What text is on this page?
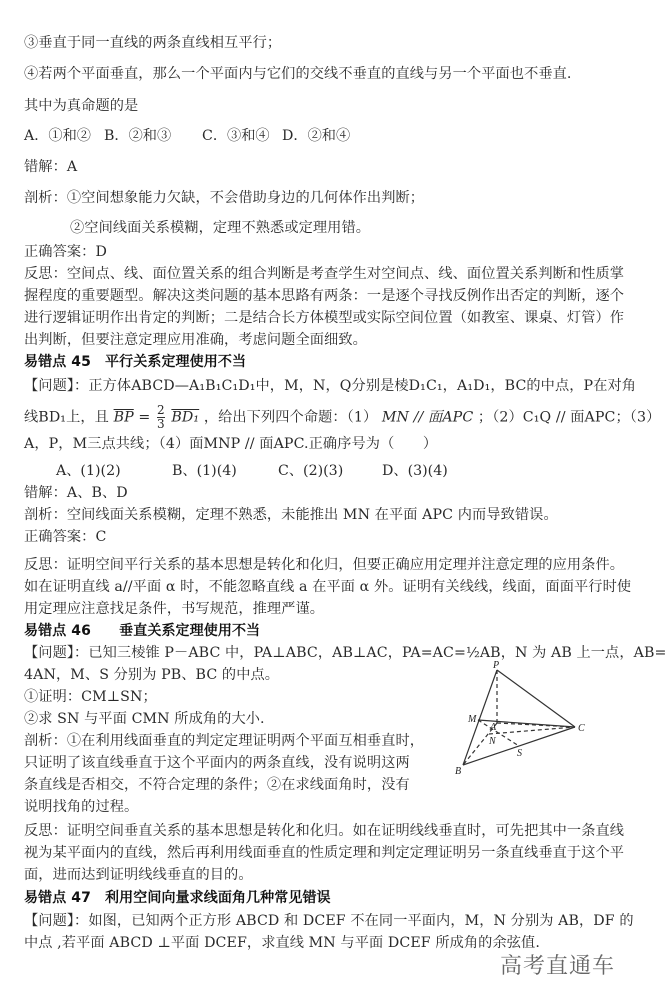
③垂直于同一直线的两条直线相互平行；
④若两个平面垂直，那么一个平面内与它们的交线不垂直的直线与另一个平面也不垂直.
其中为真命题的是
A．①和② B．②和③ C．③和④ D．②和④
错解：A
剖析：①空间想象能力欠缺，不会借助身边的几何体作出判断；
②空间线面关系模糊，定理不熟悉或定理用错。
正确答案：D
反思：空间点、线、面位置关系的组合判断是考查学生对空间点、线、面位置关系判断和性质掌
握程度的重要题型。解决这类问题的基本思路有两条：一是逐个寻找反例作出否定的判断，逐个
进行逻辑证明作出肯定的判断；二是结合长方体模型或实际空间位置（如教室、课桌、灯管）作
出判断，但要注意定理应用准确，考虑问题全面细致。
易错点 45　平行关系定理使用不当
【问题】：正方体ABCD—A₁B₁C₁D₁中，M，N，Q分别是棱D₁C₁，A₁D₁，BC的中点，P在对角
线BD₁上，且 $\overline{BP} = \frac{2}{3} BD_1$ ，给出下列四个命题：（1） MN // 面APC ；（2）C₁Q // 面APC；（3）
A，P，M三点共线；（4）面MNP // 面APC.正确序号为（　　）
A、(1)(2)	B、(1)(4)	C、(2)(3)	D、(3)(4)
错解：A、B、D
剖析：空间线面关系模糊，定理不熟悉，未能推出 MN 在平面 APC 内而导致错误。
正确答案：C
反思：证明空间平行关系的基本思想是转化和化归，但要正确应用定理并注意定理的应用条件。
如在证明直线 a//平面 α 时，不能忽略直线 a 在平面 α 外。证明有关线线，线面，面面平行时使
用定理应注意找足条件，书写规范，推理严谨。
易错点 46　　垂直关系定理使用不当
【问题】：已知三棱锥 P－ABC 中，PA⊥ABC，AB⊥AC，PA=AC=½AB，N 为 AB 上一点，AB=
4AN，M、S 分别为 PB、BC 的中点。
①证明：CM⊥SN；
②求 SN 与平面 CMN 所成角的大小.
剖析：①在利用线面垂直的判定定理证明两个平面互相垂直时，
只证明了该直线垂直于这个平面内的两条直线，没有说明这两
条直线是否相交，不符合定理的条件；②在求线面角时，没有
说明找角的过程。
P
M
A
N
C
S
B
反思：证明空间垂直关系的基本思想是转化和化归。如在证明线线垂直时，可先把其中一条直线
视为某平面内的直线，然后再利用线面垂直的性质定理和判定定理证明另一条直线垂直于这个平
面，进而达到证明线线垂直的目的。
易错点 47　利用空间向量求线面角几种常见错误
【问题】：如图，已知两个正方形 ABCD 和 DCEF 不在同一平面内，M，N 分别为 AB，DF 的
中点 ,若平面 ABCD ⊥平面 DCEF，求直线 MN 与平面 DCEF 所成角的余弦值.
高考直通车
